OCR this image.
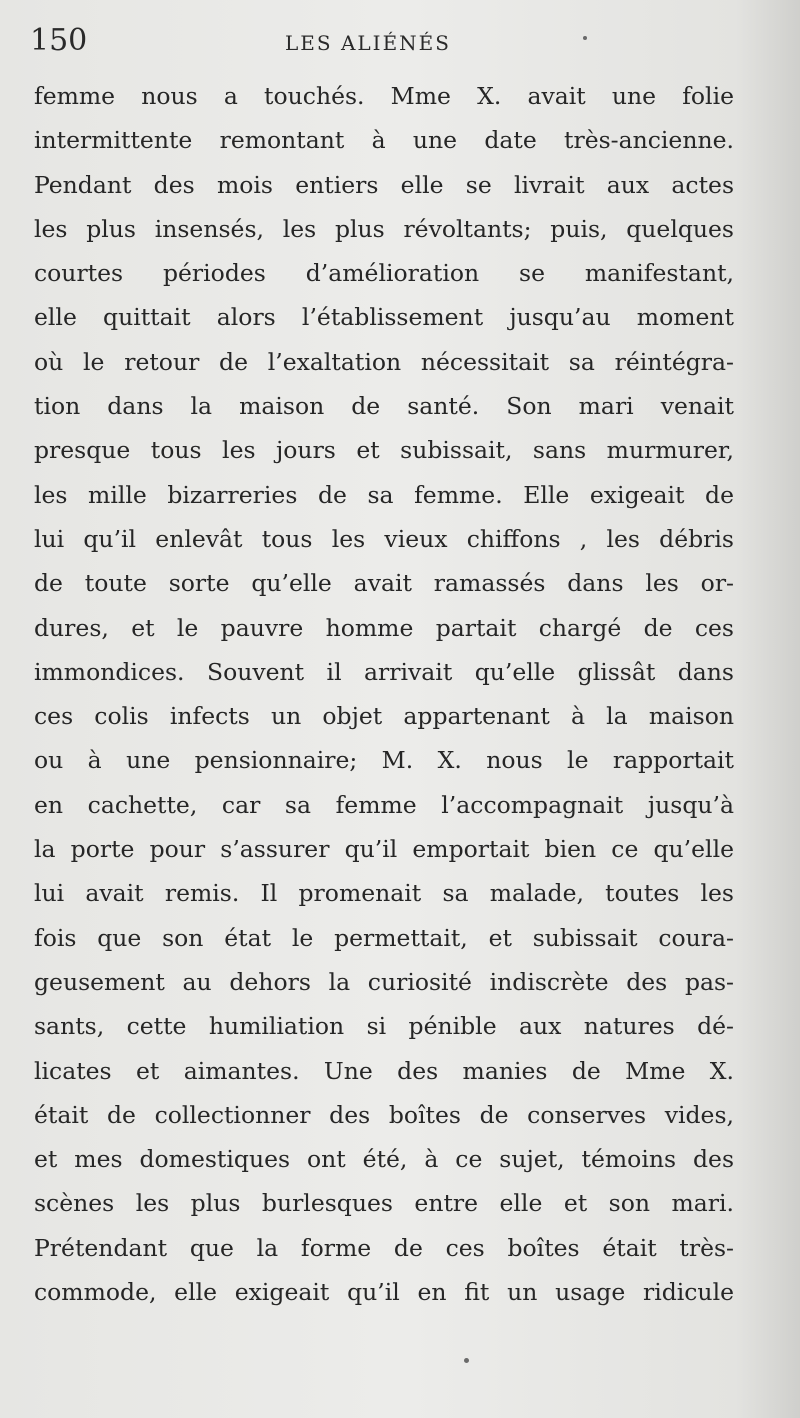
150	LES ALIÉNÉS
femme nous a touchés. Mme X. avait une folie
intermittente remontant à une date très-ancienne.
Pendant des mois entiers elle se livrait aux actes
les plus insensés, les plus révoltants; puis, quelques
courtes périodes d’amélioration se manifestant,
elle quittait alors l’établissement jusqu’au moment
où le retour de l’exaltation nécessitait sa réintégra-
tion dans la maison de santé. Son mari venait
presque tous les jours et subissait, sans murmurer,
les mille bizarreries de sa femme. Elle exigeait de
lui qu’il enlevât tous les vieux chiffons , les débris
de toute sorte qu’elle avait ramassés dans les or-
dures, et le pauvre homme partait chargé de ces
immondices. Souvent il arrivait qu’elle glissât dans
ces colis infects un objet appartenant à la maison
ou à une pensionnaire; M. X. nous le rapportait
en cachette, car sa femme l’accompagnait jusqu’à
la porte pour s’assurer qu’il emportait bien ce qu’elle
lui avait remis. Il promenait sa malade, toutes les
fois que son état le permettait, et subissait coura-
geusement au dehors la curiosité indiscrète des pas-
sants, cette humiliation si pénible aux natures dé-
licates et aimantes. Une des manies de Mme X.
était de collectionner des boîtes de conserves vides,
et mes domestiques ont été, à ce sujet, témoins des
scènes les plus burlesques entre elle et son mari.
Prétendant que la forme de ces boîtes était très-
commode, elle exigeait qu’il en fit un usage ridicule
